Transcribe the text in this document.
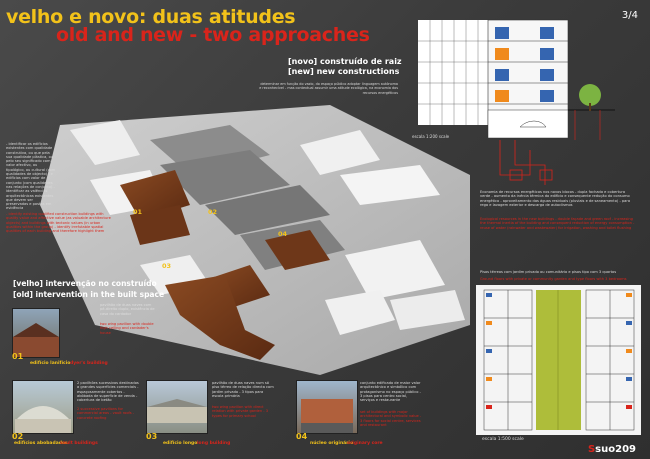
velho e novo: duas atitudes
old and new - two approaches
3/4
01	02
03
04
[novo] construído de raiz
[new] new constructions
determinar em função do vazio, do espaço público adoptar linguagem autónoma e reconhecível - mas contextual assumir uma atitude ecológica, na economia dos recursos energéticos
escala 1:200 scale
- identificar os edifícios existentes com qualidade construtiva, ou que pela sua qualidade plástica, ou pelo seu significado com valor afectivo, ou tipológico, ou cultural (com qualidades de objecto) - e edifícios com valor de conjunto (com qualidades nas relações de conjunto) - identificar as valências arquitectónicas existentes que devem ser preservadas e postas em evidência
- identify existing qualified construction buildings with quality value and affective value (as valuable architecture objects) and buildings with tectonic values (in urban qualities within the group) - identify irrefutable spatial qualities of each building and therefore highlight them
[velho] intervenção no construído
[old] intervention in the built space
Economia de recursos energéticos nos novos blocos - dupla fachada e cobertura verde - aumento da inércia térmica do edifício e consequente redução do consumo energético - aproveitamento das águas residuais (pluviais e de saneamento) - para rega e lavagem exterior e descarga de autoclismos
Ecological resources in the new buildings - double façade and green roof - increasing the thermal inertia of the building and consequent reduction of energy consumption - reuse of water (rainwater and wastewater) for irrigation, washing and toilet flushing
Pisos térreos com jardim privado ou comunitário e pisos tipo com 3 quartos
Ground floors with private or community garden and type floors with 3 bedrooms
escala 1:500 scale
pavilhão de duas naves com pé-direito duplo, existência de casa do cardador
two wing pavilion with double high ceiling and cardader's house
01
edifício lanifício dyer's building
2 pavilhões sucessivos destinados a grandes superfícies comerciais - espaçosamente cobertos - abóbada de superfície de venda - cobertura de betão
2 successive pavilions for commercial areas - vault roofs - concrete roofing
02
edifícios abobadados
vault buildings
pavilhão de duas naves num só piso térreo de relação directa com jardim privado - 3 tipos para escola primária
two wing pavilion with direct relation with private garden - 3 types for primary school
03
edifício longo long building
conjunto edificado de maior valor arquitectónico e simbólico com protagonismo no espaço público - 3 pisos para centro social, serviços e restaurante
set of buildings with major architectural and symbolic value - 3 floors for social centre, services and restaurant
04
núcleo originário
originary core
Ssuo209
